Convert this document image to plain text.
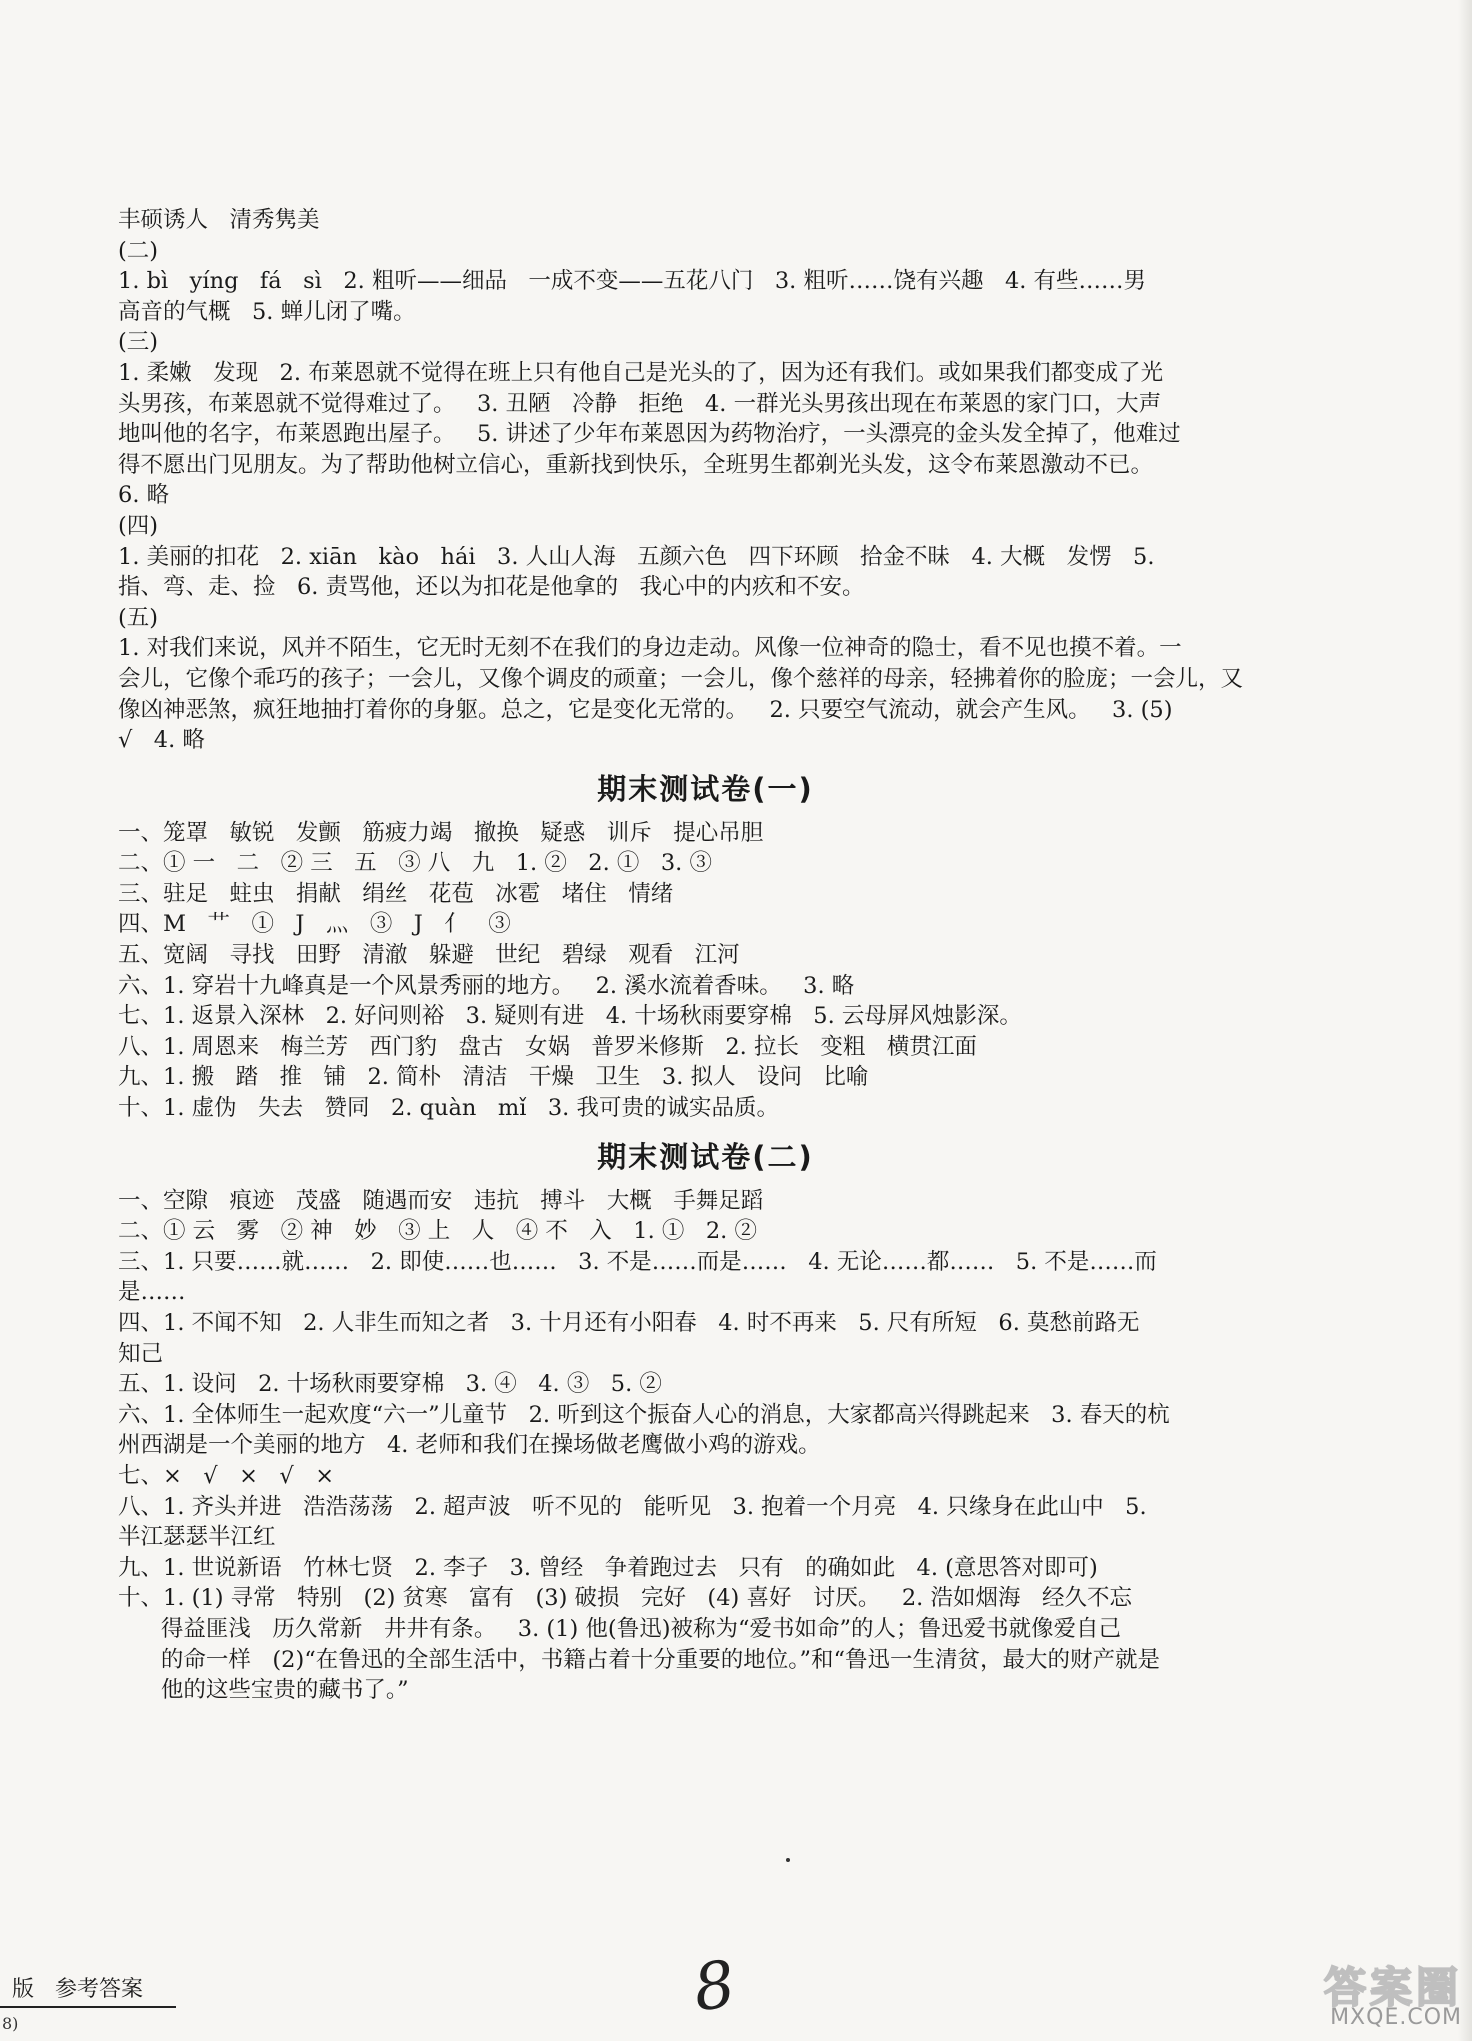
丰硕诱人   清秀隽美
(二)
1. bì   yíng   fá   sì   2. 粗听——细品   一成不变——五花八门   3. 粗听……饶有兴趣   4. 有些……男
高音的气概   5. 蝉儿闭了嘴。
(三)
1. 柔嫩   发现   2. 布莱恩就不觉得在班上只有他自己是光头的了，因为还有我们。或如果我们都变成了光
头男孩，布莱恩就不觉得难过了。   3. 丑陋   冷静   拒绝   4. 一群光头男孩出现在布莱恩的家门口，大声
地叫他的名字，布莱恩跑出屋子。   5. 讲述了少年布莱恩因为药物治疗，一头漂亮的金头发全掉了，他难过
得不愿出门见朋友。为了帮助他树立信心，重新找到快乐，全班男生都剃光头发，这令布莱恩激动不已。
6. 略
(四)
1. 美丽的扣花   2. xiān   kào   hái   3. 人山人海   五颜六色   四下环顾   拾金不昧   4. 大概   发愣   5.
指、弯、走、捡   6. 责骂他，还以为扣花是他拿的   我心中的内疚和不安。
(五)
1. 对我们来说，风并不陌生，它无时无刻不在我们的身边走动。风像一位神奇的隐士，看不见也摸不着。一
会儿，它像个乖巧的孩子；一会儿，又像个调皮的顽童；一会儿，像个慈祥的母亲，轻拂着你的脸庞；一会儿，又
像凶神恶煞，疯狂地抽打着你的身躯。总之，它是变化无常的。   2. 只要空气流动，就会产生风。   3. (5)
√   4. 略
期末测试卷(一)
一、笼罩   敏锐   发颤   筋疲力竭   撤换   疑惑   训斥   提心吊胆
二、① 一   二   ② 三   五   ③ 八   九   1. ②   2. ①   3. ③
三、驻足   蛀虫   捐献   绢丝   花苞   冰雹   堵住   情绪
四、M   艹   ①   J   灬   ③   J   亻   ③
五、宽阔   寻找   田野   清澈   躲避   世纪   碧绿   观看   江河
六、1. 穿岩十九峰真是一个风景秀丽的地方。   2. 溪水流着香味。   3. 略
七、1. 返景入深林   2. 好问则裕   3. 疑则有进   4. 十场秋雨要穿棉   5. 云母屏风烛影深。
八、1. 周恩来   梅兰芳   西门豹   盘古   女娲   普罗米修斯   2. 拉长   变粗   横贯江面
九、1. 搬   踏   推   铺   2. 简朴   清洁   干燥   卫生   3. 拟人   设问   比喻
十、1. 虚伪   失去   赞同   2. quàn   mǐ   3. 我可贵的诚实品质。
期末测试卷(二)
一、空隙   痕迹   茂盛   随遇而安   违抗   搏斗   大概   手舞足蹈
二、① 云   雾   ② 神   妙   ③ 上   人   ④ 不   入   1. ①   2. ②
三、1. 只要……就……   2. 即使……也……   3. 不是……而是……   4. 无论……都……   5. 不是……而
是……
四、1. 不闻不知   2. 人非生而知之者   3. 十月还有小阳春   4. 时不再来   5. 尺有所短   6. 莫愁前路无
知己
五、1. 设问   2. 十场秋雨要穿棉   3. ④   4. ③   5. ②
六、1. 全体师生一起欢度“六一”儿童节   2. 听到这个振奋人心的消息，大家都高兴得跳起来   3. 春天的杭
州西湖是一个美丽的地方   4. 老师和我们在操场做老鹰做小鸡的游戏。
七、×   √   ×   √   ×
八、1. 齐头并进   浩浩荡荡   2. 超声波   听不见的   能听见   3. 抱着一个月亮   4. 只缘身在此山中   5.
半江瑟瑟半江红
九、1. 世说新语   竹林七贤   2. 李子   3. 曾经   争着跑过去   只有   的确如此   4. (意思答对即可)
十、1. (1) 寻常   特别   (2) 贫寒   富有   (3) 破损   完好   (4) 喜好   讨厌。   2. 浩如烟海   经久不忘
得益匪浅   历久常新   井井有条。   3. (1) 他(鲁迅)被称为“爱书如命”的人；鲁迅爱书就像爱自己
的命一样   (2)“在鲁迅的全部生活中，书籍占着十分重要的地位。”和“鲁迅一生清贫，最大的财产就是
他的这些宝贵的藏书了。”
版   参考答案
8)	8	答案圈
MXQE.COM
